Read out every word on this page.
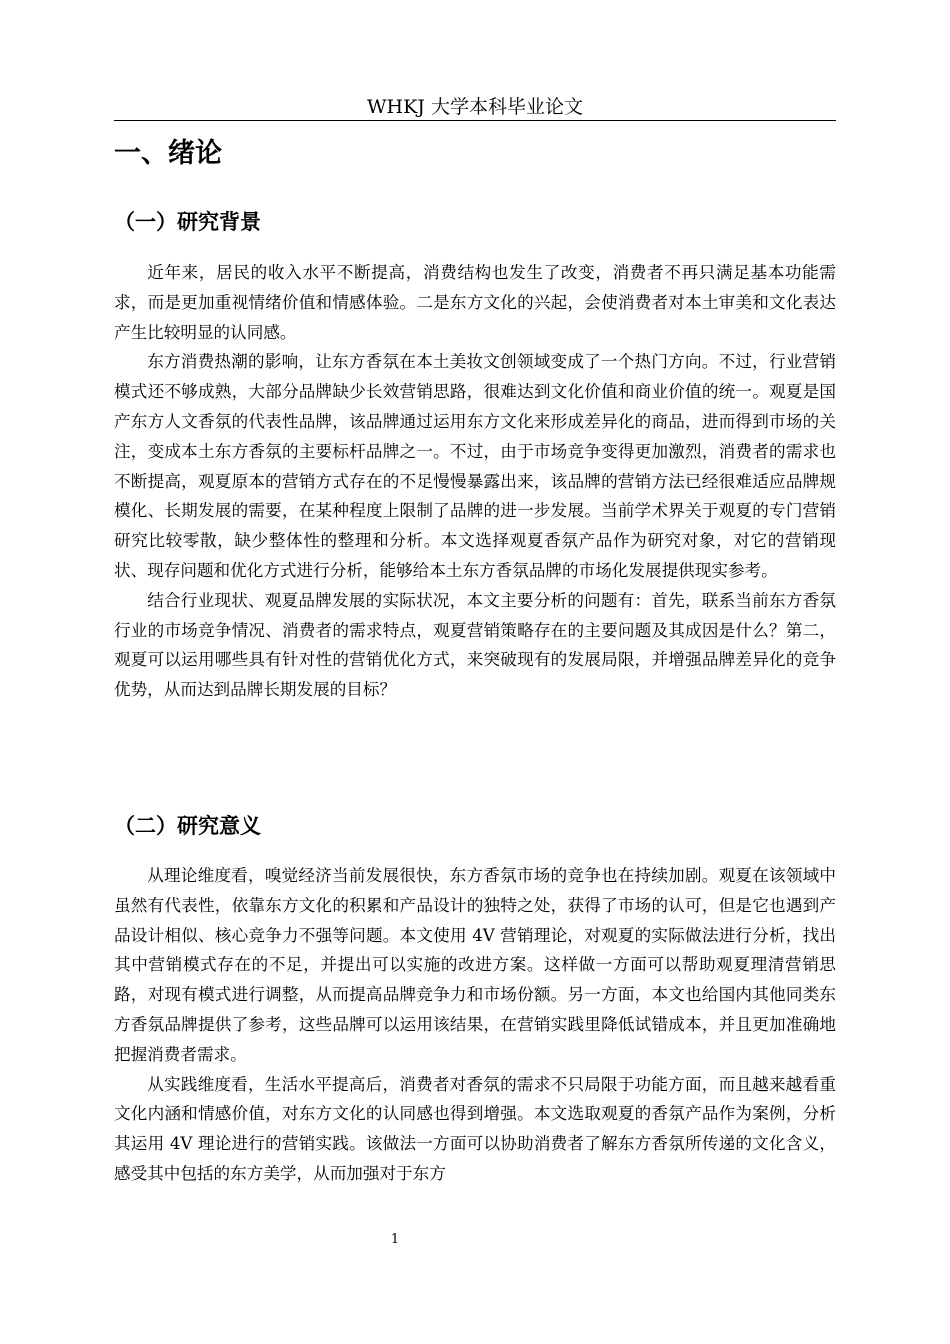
WHKJ 大学本科毕业论文
一、绪论
（一）研究背景

近年来，居民的收入水平不断提高，消费结构也发生了改变，消费者不再只满足基本功能需求，而是更加重视情绪价值和情感体验。二是东方文化的兴起，会使消费者对本土审美和文化表达产生比较明显的认同感。

东方消费热潮的影响，让东方香氛在本土美妆文创领域变成了一个热门方向。不过，行业营销模式还不够成熟，大部分品牌缺少长效营销思路，很难达到文化价值和商业价值的统一。观夏是国产东方人文香氛的代表性品牌，该品牌通过运用东方文化来形成差异化的商品，进而得到市场的关注，变成本土东方香氛的主要标杆品牌之一。不过，由于市场竞争变得更加激烈，消费者的需求也不断提高，观夏原本的营销方式存在的不足慢慢暴露出来，该品牌的营销方法已经很难适应品牌规模化、长期发展的需要，在某种程度上限制了品牌的进一步发展。当前学术界关于观夏的专门营销研究比较零散，缺少整体性的整理和分析。本文选择观夏香氛产品作为研究对象，对它的营销现状、现存问题和优化方式进行分析，能够给本土东方香氛品牌的市场化发展提供现实参考。

结合行业现状、观夏品牌发展的实际状况，本文主要分析的问题有：首先，联系当前东方香氛行业的市场竞争情况、消费者的需求特点，观夏营销策略存在的主要问题及其成因是什么？第二，观夏可以运用哪些具有针对性的营销优化方式，来突破现有的发展局限，并增强品牌差异化的竞争优势，从而达到品牌长期发展的目标？

（二）研究意义

从理论维度看，嗅觉经济当前发展很快，东方香氛市场的竞争也在持续加剧。观夏在该领域中虽然有代表性，依靠东方文化的积累和产品设计的独特之处，获得了市场的认可，但是它也遇到产品设计相似、核心竞争力不强等问题。本文使用 4V 营销理论，对观夏的实际做法进行分析，找出其中营销模式存在的不足，并提出可以实施的改进方案。这样做一方面可以帮助观夏理清营销思路，对现有模式进行调整，从而提高品牌竞争力和市场份额。另一方面，本文也给国内其他同类东方香氛品牌提供了参考，这些品牌可以运用该结果，在营销实践里降低试错成本，并且更加准确地把握消费者需求。

从实践维度看，生活水平提高后，消费者对香氛的需求不只局限于功能方面，而且越来越看重文化内涵和情感价值，对东方文化的认同感也得到增强。本文选取观夏的香氛产品作为案例，分析其运用 4V 理论进行的营销实践。该做法一方面可以协助消费者了解东方香氛所传递的文化含义，感受其中包括的东方美学，从而加强对于东方

1
